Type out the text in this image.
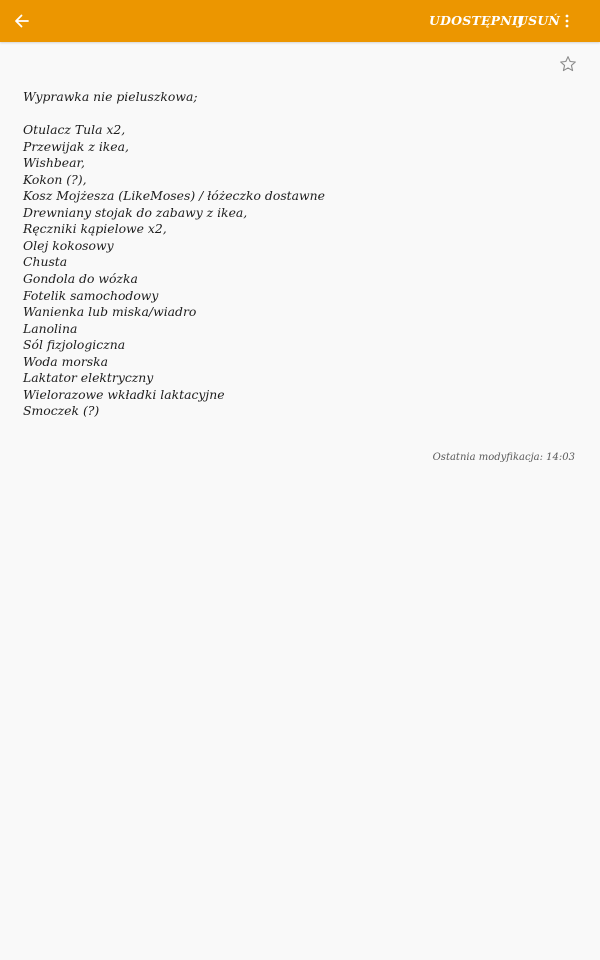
UDOSTĘPNIJ
USUŃ
Wyprawka nie pieluszkowa;
Otulacz Tula x2,
Przewijak z ikea,
Wishbear,
Kokon (?),
Kosz Mojżesza (LikeMoses) / łóżeczko dostawne
Drewniany stojak do zabawy z ikea,
Ręczniki kąpielowe x2,
Olej kokosowy
Chusta
Gondola do wózka
Fotelik samochodowy
Wanienka lub miska/wiadro
Lanolina
Sól fizjologiczna
Woda morska
Laktator elektryczny
Wielorazowe wkładki laktacyjne
Smoczek (?)
Ostatnia modyfikacja: 14:03
